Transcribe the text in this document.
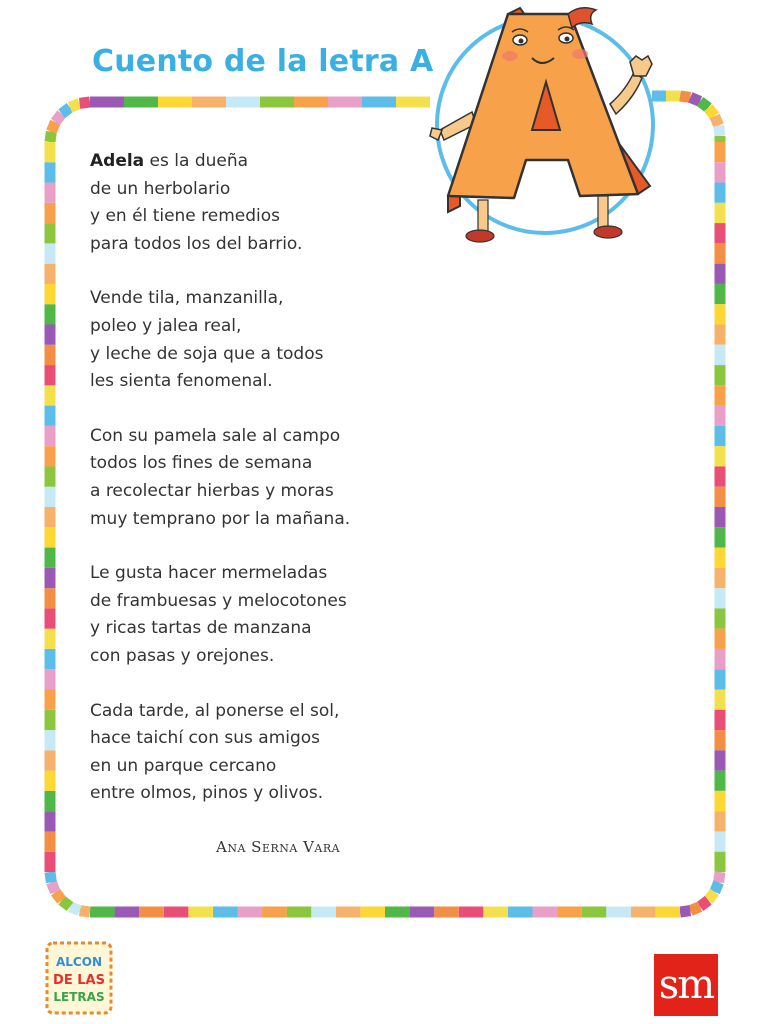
Cuento de la letra A
Adela es la dueña
de un herbolario
y en él tiene remedios
para todos los del barrio.
Vende tila, manzanilla,
poleo y jalea real,
y leche de soja que a todos
les sienta fenomenal.
Con su pamela sale al campo
todos los fines de semana
a recolectar hierbas y moras
muy temprano por la mañana.
Le gusta hacer mermeladas
de frambuesas y melocotones
y ricas tartas de manzana
con pasas y orejones.
Cada tarde, al ponerse el sol,
hace taichí con sus amigos
en un parque cercano
entre olmos, pinos y olivos.
Ana Serna Vara
ALCON
DE LAS
LETRAS	sm
